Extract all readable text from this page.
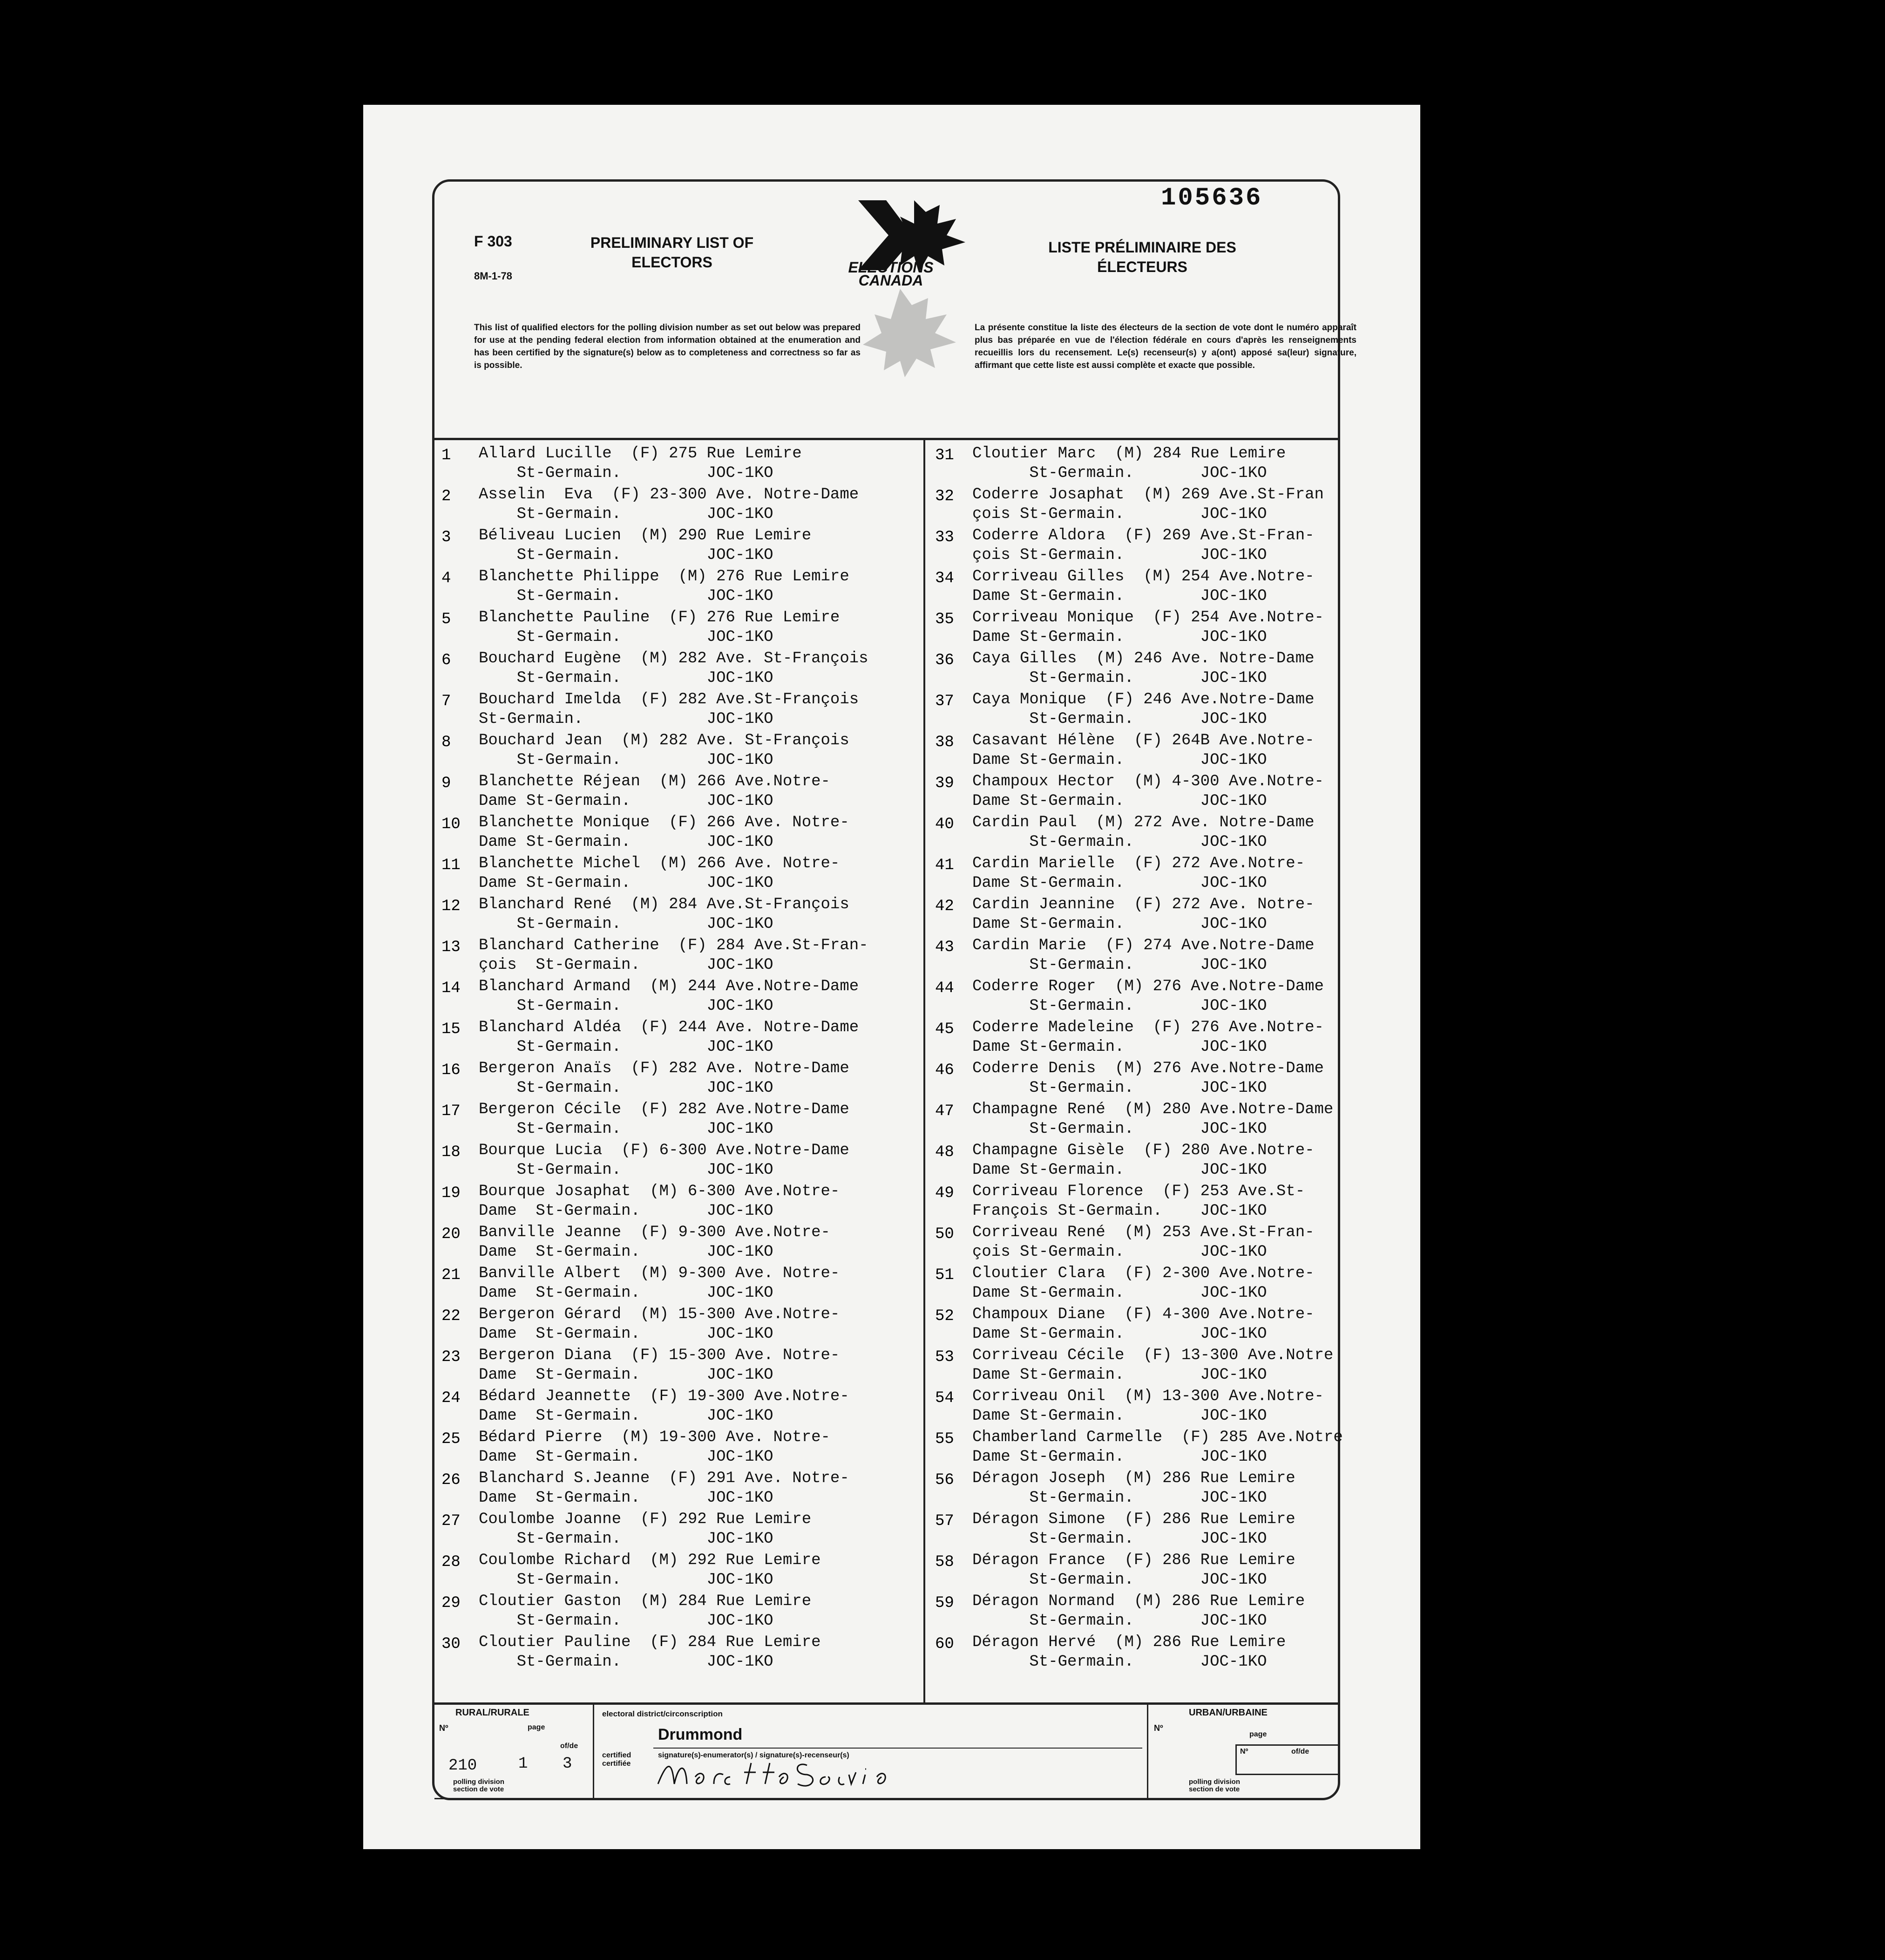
105636
F 303
8M-1-78
PRELIMINARY LIST OF ELECTORS
LISTE PRÉLIMINAIRE DES ÉLECTEURS
ELECTIONS
CANADA
This list of qualified electors for the polling division number as set out below was prepared for use at the pending federal election from information obtained at the enumeration and has been certified by the signature(s) below as to completeness and correctness so far as is possible.
La présente constitue la liste des électeurs de la section de vote dont le numéro apparaît plus bas préparée en vue de l'élection fédérale en cours d'après les renseignements recueillis lors du recensement. Le(s) recenseur(s) y a(ont) apposé sa(leur) signature, affirmant que cette liste est aussi complète et exacte que possible.
1 Allard Lucille  (F) 275 Rue Lemire
St-Germain.         JOC-1KO
2 Asselin  Eva  (F) 23-300 Ave. Notre-Dame
St-Germain.         JOC-1KO
3 Béliveau Lucien  (M) 290 Rue Lemire
St-Germain.         JOC-1KO
4 Blanchette Philippe  (M) 276 Rue Lemire
St-Germain.         JOC-1KO
5 Blanchette Pauline  (F) 276 Rue Lemire
St-Germain.         JOC-1KO
6 Bouchard Eugène  (M) 282 Ave. St-François
St-Germain.         JOC-1KO
7 Bouchard Imelda  (F) 282 Ave.St-François
St-Germain.             JOC-1KO
8 Bouchard Jean  (M) 282 Ave. St-François
St-Germain.         JOC-1KO
9 Blanchette Réjean  (M) 266 Ave.Notre-
Dame St-Germain.        JOC-1KO
10 Blanchette Monique  (F) 266 Ave. Notre-
Dame St-Germain.        JOC-1KO
11 Blanchette Michel  (M) 266 Ave. Notre-
Dame St-Germain.        JOC-1KO
12 Blanchard René  (M) 284 Ave.St-François
St-Germain.         JOC-1KO
13 Blanchard Catherine  (F) 284 Ave.St-Fran-
çois  St-Germain.       JOC-1KO
14 Blanchard Armand  (M) 244 Ave.Notre-Dame
St-Germain.         JOC-1KO
15 Blanchard Aldéa  (F) 244 Ave. Notre-Dame
St-Germain.         JOC-1KO
16 Bergeron Anaïs  (F) 282 Ave. Notre-Dame
St-Germain.         JOC-1KO
17 Bergeron Cécile  (F) 282 Ave.Notre-Dame
St-Germain.         JOC-1KO
18 Bourque Lucia  (F) 6-300 Ave.Notre-Dame
St-Germain.         JOC-1KO
19 Bourque Josaphat  (M) 6-300 Ave.Notre-
Dame  St-Germain.       JOC-1KO
20 Banville Jeanne  (F) 9-300 Ave.Notre-
Dame  St-Germain.       JOC-1KO
21 Banville Albert  (M) 9-300 Ave. Notre-
Dame  St-Germain.       JOC-1KO
22 Bergeron Gérard  (M) 15-300 Ave.Notre-
Dame  St-Germain.       JOC-1KO
23 Bergeron Diana  (F) 15-300 Ave. Notre-
Dame  St-Germain.       JOC-1KO
24 Bédard Jeannette  (F) 19-300 Ave.Notre-
Dame  St-Germain.       JOC-1KO
25 Bédard Pierre  (M) 19-300 Ave. Notre-
Dame  St-Germain.       JOC-1KO
26 Blanchard S.Jeanne  (F) 291 Ave. Notre-
Dame  St-Germain.       JOC-1KO
27 Coulombe Joanne  (F) 292 Rue Lemire
St-Germain.         JOC-1KO
28 Coulombe Richard  (M) 292 Rue Lemire
St-Germain.         JOC-1KO
29 Cloutier Gaston  (M) 284 Rue Lemire
St-Germain.         JOC-1KO
30 Cloutier Pauline  (F) 284 Rue Lemire
St-Germain.         JOC-1KO
31 Cloutier Marc  (M) 284 Rue Lemire
St-Germain.       JOC-1KO
32 Coderre Josaphat  (M) 269 Ave.St-Fran
çois St-Germain.        JOC-1KO
33 Coderre Aldora  (F) 269 Ave.St-Fran-
çois St-Germain.        JOC-1KO
34 Corriveau Gilles  (M) 254 Ave.Notre-
Dame St-Germain.        JOC-1KO
35 Corriveau Monique  (F) 254 Ave.Notre-
Dame St-Germain.        JOC-1KO
36 Caya Gilles  (M) 246 Ave. Notre-Dame
St-Germain.       JOC-1KO
37 Caya Monique  (F) 246 Ave.Notre-Dame
St-Germain.       JOC-1KO
38 Casavant Hélène  (F) 264B Ave.Notre-
Dame St-Germain.        JOC-1KO
39 Champoux Hector  (M) 4-300 Ave.Notre-
Dame St-Germain.        JOC-1KO
40 Cardin Paul  (M) 272 Ave. Notre-Dame
St-Germain.       JOC-1KO
41 Cardin Marielle  (F) 272 Ave.Notre-
Dame St-Germain.        JOC-1KO
42 Cardin Jeannine  (F) 272 Ave. Notre-
Dame St-Germain.        JOC-1KO
43 Cardin Marie  (F) 274 Ave.Notre-Dame
St-Germain.       JOC-1KO
44 Coderre Roger  (M) 276 Ave.Notre-Dame
St-Germain.       JOC-1KO
45 Coderre Madeleine  (F) 276 Ave.Notre-
Dame St-Germain.        JOC-1KO
46 Coderre Denis  (M) 276 Ave.Notre-Dame
St-Germain.       JOC-1KO
47 Champagne René  (M) 280 Ave.Notre-Dame
St-Germain.       JOC-1KO
48 Champagne Gisèle  (F) 280 Ave.Notre-
Dame St-Germain.        JOC-1KO
49 Corriveau Florence  (F) 253 Ave.St-
François St-Germain.    JOC-1KO
50 Corriveau René  (M) 253 Ave.St-Fran-
çois St-Germain.        JOC-1KO
51 Cloutier Clara  (F) 2-300 Ave.Notre-
Dame St-Germain.        JOC-1KO
52 Champoux Diane  (F) 4-300 Ave.Notre-
Dame St-Germain.        JOC-1KO
53 Corriveau Cécile  (F) 13-300 Ave.Notre
Dame St-Germain.        JOC-1KO
54 Corriveau Onil  (M) 13-300 Ave.Notre-
Dame St-Germain.        JOC-1KO
55 Chamberland Carmelle  (F) 285 Ave.Notre
Dame St-Germain.        JOC-1KO
56 Déragon Joseph  (M) 286 Rue Lemire
St-Germain.       JOC-1KO
57 Déragon Simone  (F) 286 Rue Lemire
St-Germain.       JOC-1KO
58 Déragon France  (F) 286 Rue Lemire
St-Germain.       JOC-1KO
59 Déragon Normand  (M) 286 Rue Lemire
St-Germain.       JOC-1KO
60 Déragon Hervé  (M) 286 Rue Lemire
St-Germain.       JOC-1KO
RURAL/RURALE
Nº	page
of/de
210	1 3
polling division
section de vote
electoral district/circonscription
Drummond
certified
certifiée
signature(s)-enumerator(s) / signature(s)-recenseur(s)
URBAN/URBAINE
Nº
page
Nº	of/de
polling division
section de vote
